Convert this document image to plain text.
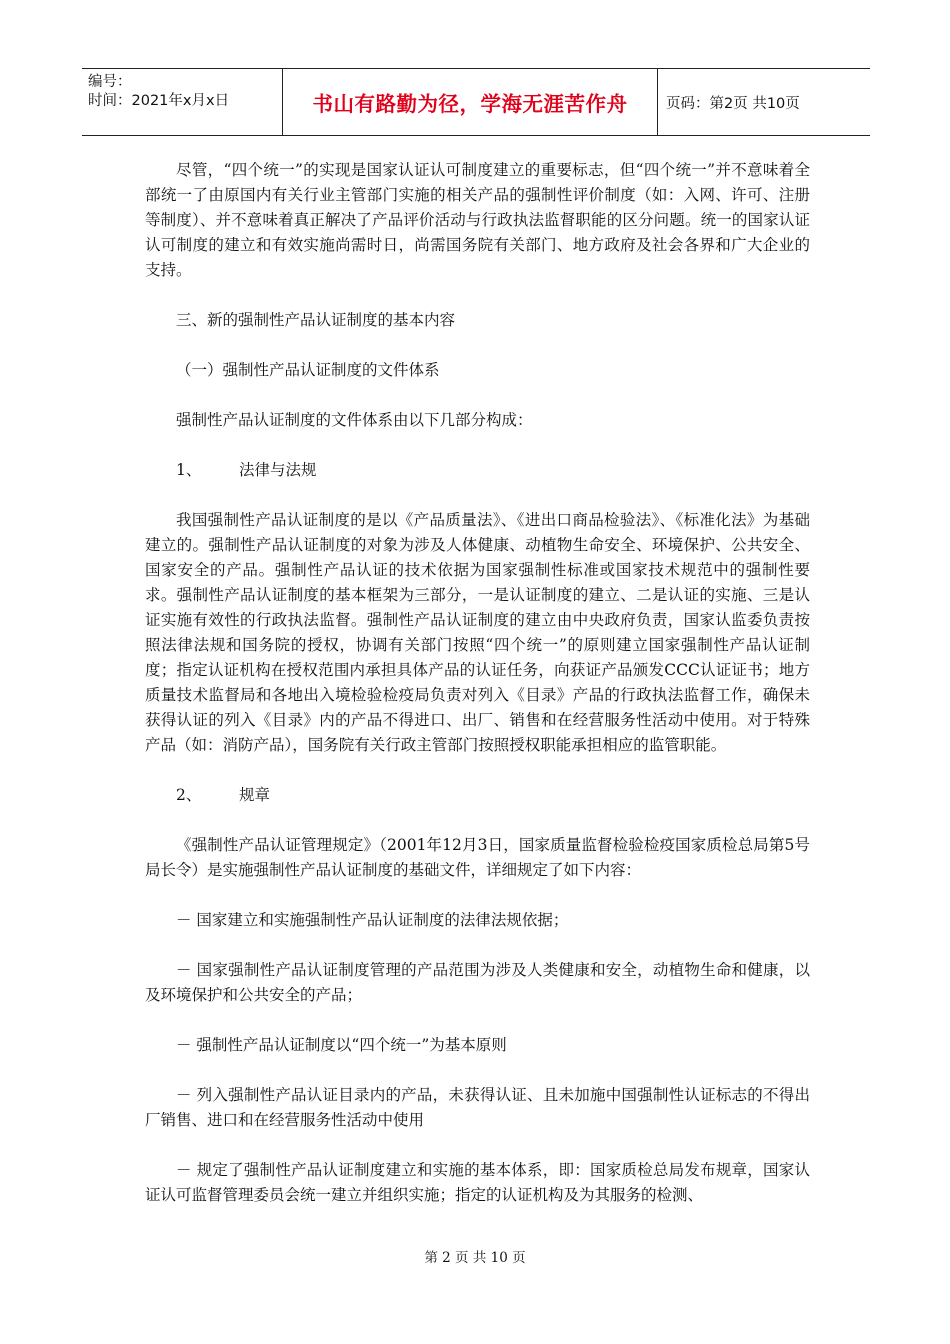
编号：
时间：2021年x月x日	书山有路勤为径，学海无涯苦作舟	页码：第2页 共10页

尽管，“四个统一”的实现是国家认证认可制度建立的重要标志，但“四个统一”并不意味着全部统一了由原国内有关行业主管部门实施的相关产品的强制性评价制度（如：入网、许可、注册等制度）、并不意味着真正解决了产品评价活动与行政执法监督职能的区分问题。统一的国家认证认可制度的建立和有效实施尚需时日，尚需国务院有关部门、地方政府及社会各界和广大企业的支持。

三、新的强制性产品认证制度的基本内容

（一）强制性产品认证制度的文件体系

强制性产品认证制度的文件体系由以下几部分构成：

1、	法律与法规

我国强制性产品认证制度的是以《产品质量法》、《进出口商品检验法》、《标准化法》为基础建立的。强制性产品认证制度的对象为涉及人体健康、动植物生命安全、环境保护、公共安全、国家安全的产品。强制性产品认证的技术依据为国家强制性标准或国家技术规范中的强制性要求。强制性产品认证制度的基本框架为三部分，一是认证制度的建立、二是认证的实施、三是认证实施有效性的行政执法监督。强制性产品认证制度的建立由中央政府负责，国家认监委负责按照法律法规和国务院的授权，协调有关部门按照“四个统一”的原则建立国家强制性产品认证制度；指定认证机构在授权范围内承担具体产品的认证任务，向获证产品颁发CCC认证证书；地方质量技术监督局和各地出入境检验检疫局负责对列入《目录》产品的行政执法监督工作，确保未获得认证的列入《目录》内的产品不得进口、出厂、销售和在经营服务性活动中使用。对于特殊产品（如：消防产品），国务院有关行政主管部门按照授权职能承担相应的监管职能。

2、	规章

《强制性产品认证管理规定》（2001年12月3日，国家质量监督检验检疫国家质检总局第5号局长令）是实施强制性产品认证制度的基础文件，详细规定了如下内容：

－ 国家建立和实施强制性产品认证制度的法律法规依据；

－ 国家强制性产品认证制度管理的产品范围为涉及人类健康和安全，动植物生命和健康，以及环境保护和公共安全的产品；

－ 强制性产品认证制度以“四个统一”为基本原则

－ 列入强制性产品认证目录内的产品，未获得认证、且未加施中国强制性认证标志的不得出厂销售、进口和在经营服务性活动中使用

－ 规定了强制性产品认证制度建立和实施的基本体系，即：国家质检总局发布规章，国家认证认可监督管理委员会统一建立并组织实施；指定的认证机构及为其服务的检测、

第 2 页 共 10 页
